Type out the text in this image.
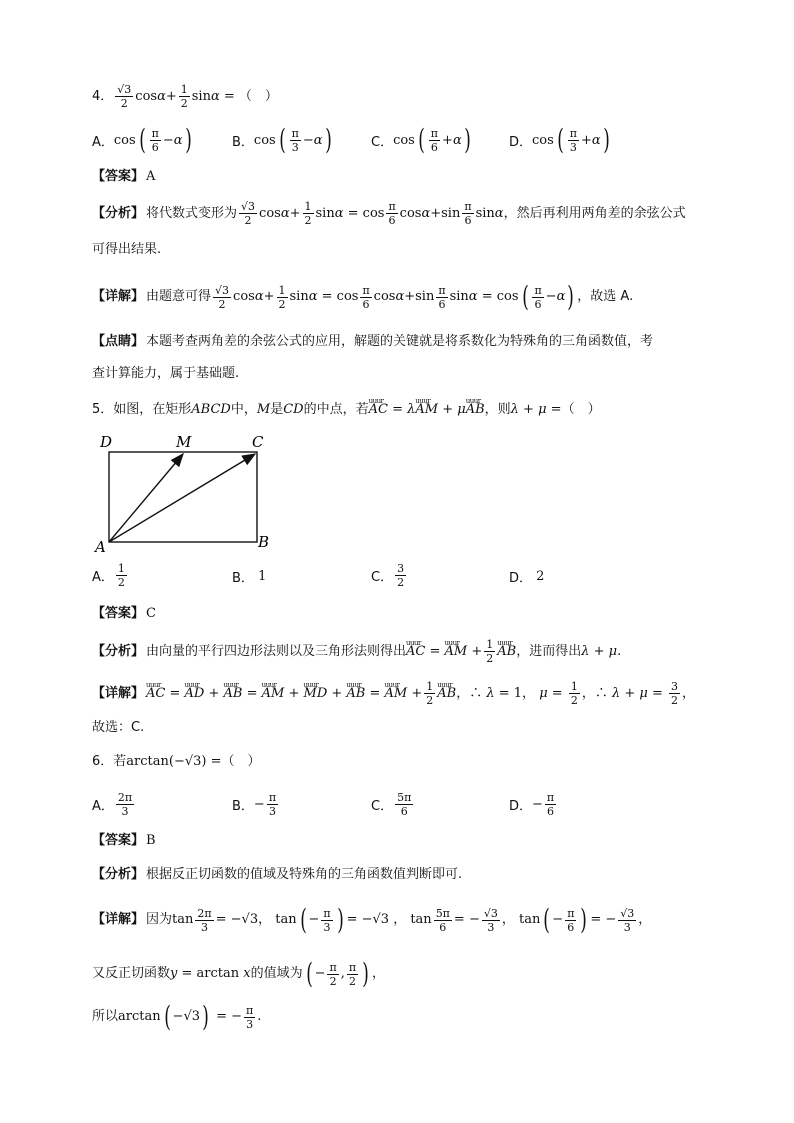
4． $\frac{√3}{2}$ $\cos \alpha + \frac{1}{2}$ sin α = （　）
A． cos ( $\frac{\pi}{6} - \alpha$ )	B． cos ( $\frac{\pi}{3} - \alpha$ )	C． cos ( $\frac{\pi}{6} + \alpha$ )	D． cos ( $\frac{\pi}{3} + \alpha$ )
【答案】 A
【分析】 将代数式变形为 $\frac{√3}{2}$ $\cos \alpha + \frac{1}{2}$ $\sin \alpha = \cos \frac{\pi}{6}$ $\cos \alpha +\sin \frac{\pi}{6}$ sin α ，然后再利用两角差的余弦公式
可得出结果.
【详解】 由题意可得 $\frac{√3}{2}$ $\cos \alpha + \frac{1}{2}$ $\sin \alpha = \cos \frac{\pi}{6}$ $\cos \alpha +\sin \frac{\pi}{6}$ sin α = cos ( $\frac{\pi}{6} - \alpha$ ) ，故选 A.
【点睛】 本题考查两角差的余弦公式的应用，解题的关键就是将系数化为特殊角的三角函数值，考
查计算能力，属于基础题.
5． 如图，在矩形 ABCD 中， M 是 CD 的中点，若 uuur AC = λ uuur AM + μ uuur AB ，则 λ + μ = （　）
D	M	C
A	B
A． $\frac{1}{2}$	B．
1	C． $\frac{3}{2}$	D．
2
【答案】 C
【分析】 由向量的平行四边形法则以及三角形法则得出 uuur AC = uuur AM + $\frac{1}{2}$ uuur AB ，进而得出 λ + μ .
【详解】 uuur AC = uuur AD + uuur AB = uuur AM + uuur MD + uuur AB = uuur AM + $\frac{1}{2}$ uuur AB ，∴ λ = 1， $\mu = \frac{1}{2}$ ，∴ $\lambda + \mu = \frac{3}{2}$ ，
故选：C.
6． 若 arctan(−√3) = （　）
A． $\frac{2\pi}{3}$	B． − $\frac{\pi}{3}$	C． $\frac{5\pi}{6}$	D． − $\frac{\pi}{6}$
【答案】 B
【分析】 根据反正切函数的值域及特殊角的三角函数值判断即可.
【详解】 因为 $\tan \frac{2\pi}{3} = -√3$， tan ( − $\frac{\pi}{3}$ ) = −√3 ， $\tan \frac{5\pi}{6}$ = − $\frac{√3}{3}$ ， tan ( − $\frac{\pi}{6}$ ) = − $\frac{√3}{3}$ ，
又反正切函数 y = arctan x 的值域为 ( − $\frac{\pi}{2}$ , $\frac{\pi}{2}$ ) ，
所以 arctan ( −√3 ) = − $\frac{\pi}{3}$ .
